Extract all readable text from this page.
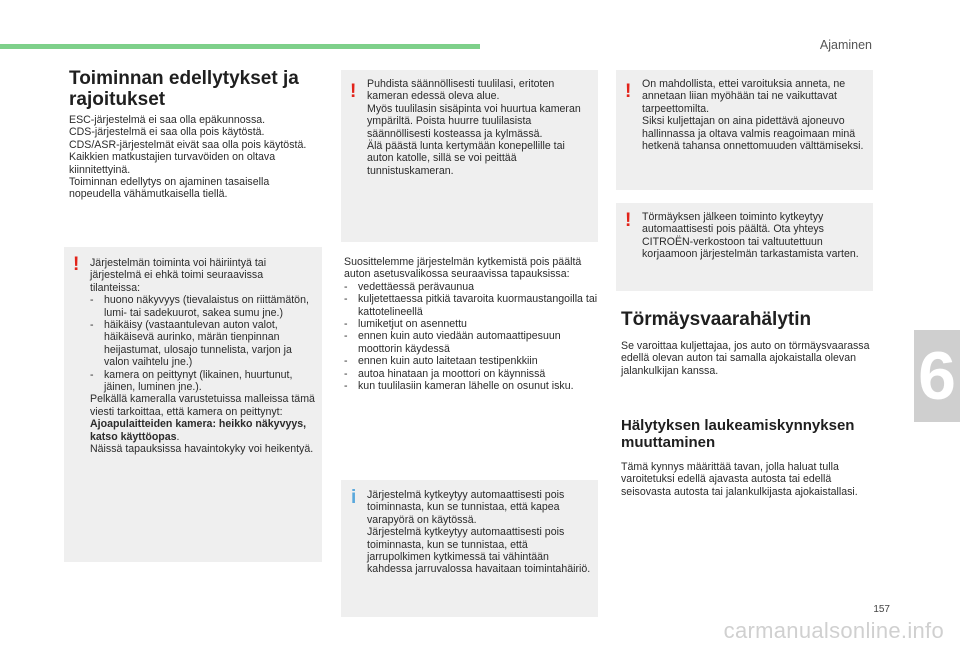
Ajaminen
6
157
carmanualsonline.info
Toiminnan edellytykset ja rajoitukset

ESC-järjestelmä ei saa olla epäkunnossa.

CDS-järjestelmä ei saa olla pois käytöstä.

CDS/ASR-järjestelmät eivät saa olla pois käytöstä.

Kaikkien matkustajien turvavöiden on oltava kiinnitettyinä.

Toiminnan edellytys on ajaminen tasaisella nopeudella vähämutkaisella tiellä.

! Järjestelmän toiminta voi häiriintyä tai järjestelmä ei ehkä toimi seuraavissa tilanteissa:

- huono näkyvyys (tievalaistus on riittämätön, lumi- tai sadekuurot, sakea sumu jne.)
- häikäisy (vastaantulevan auton valot, häikäisevä aurinko, märän tienpinnan heijastumat, ulosajo tunnelista, varjon ja valon vaihtelu jne.)
- kamera on peittynyt (likainen, huurtunut, jäinen, luminen jne.).

Pelkällä kameralla varustetuissa malleissa tämä viesti tarkoittaa, että kamera on peittynyt: Ajoapulaitteiden kamera: heikko näkyvyys, katso käyttöopas.

Näissä tapauksissa havaintokyky voi heikentyä.

! Puhdista säännöllisesti tuulilasi, eritoten kameran edessä oleva alue.

Myös tuulilasin sisäpinta voi huurtua kameran ympäriltä. Poista huurre tuulilasista säännöllisesti kosteassa ja kylmässä.

Älä päästä lunta kertymään konepellille tai auton katolle, sillä se voi peittää tunnistuskameran.

Suosittelemme järjestelmän kytkemistä pois päältä auton asetusvalikossa seuraavissa tapauksissa:

- vedettäessä perävaunua
- kuljetettaessa pitkiä tavaroita kuormaustangoilla tai kattotelineellä
- lumiketjut on asennettu
- ennen kuin auto viedään automaattipesuun moottorin käydessä
- ennen kuin auto laitetaan testipenkkiin
- autoa hinataan ja moottori on käynnissä
- kun tuulilasiin kameran lähelle on osunut isku.
i Järjestelmä kytkeytyy automaattisesti pois toiminnasta, kun se tunnistaa, että kapea varapyörä on käytössä.

Järjestelmä kytkeytyy automaattisesti pois toiminnasta, kun se tunnistaa, että jarrupolkimen kytkimessä tai vähintään kahdessa jarruvalossa havaitaan toimintahäiriö.

! On mahdollista, ettei varoituksia anneta, ne annetaan liian myöhään tai ne vaikuttavat tarpeettomilta.

Siksi kuljettajan on aina pidettävä ajoneuvo hallinnassa ja oltava valmis reagoimaan minä hetkenä tahansa onnettomuuden välttämiseksi.

! Törmäyksen jälkeen toiminto kytkeytyy automaattisesti pois päältä. Ota yhteys CITROËN-verkostoon tai valtuutettuun korjaamoon järjestelmän tarkastamista varten.

Törmäysvaarahälytin
Se varoittaa kuljettajaa, jos auto on törmäysvaarassa edellä olevan auton tai samalla ajokaistalla olevan jalankulkijan kanssa.
Hälytyksen laukeamiskynnyksen muuttaminen
Tämä kynnys määrittää tavan, jolla haluat tulla varoitetuksi edellä ajavasta autosta tai edellä seisovasta autosta tai jalankulkijasta ajokaistallasi.
